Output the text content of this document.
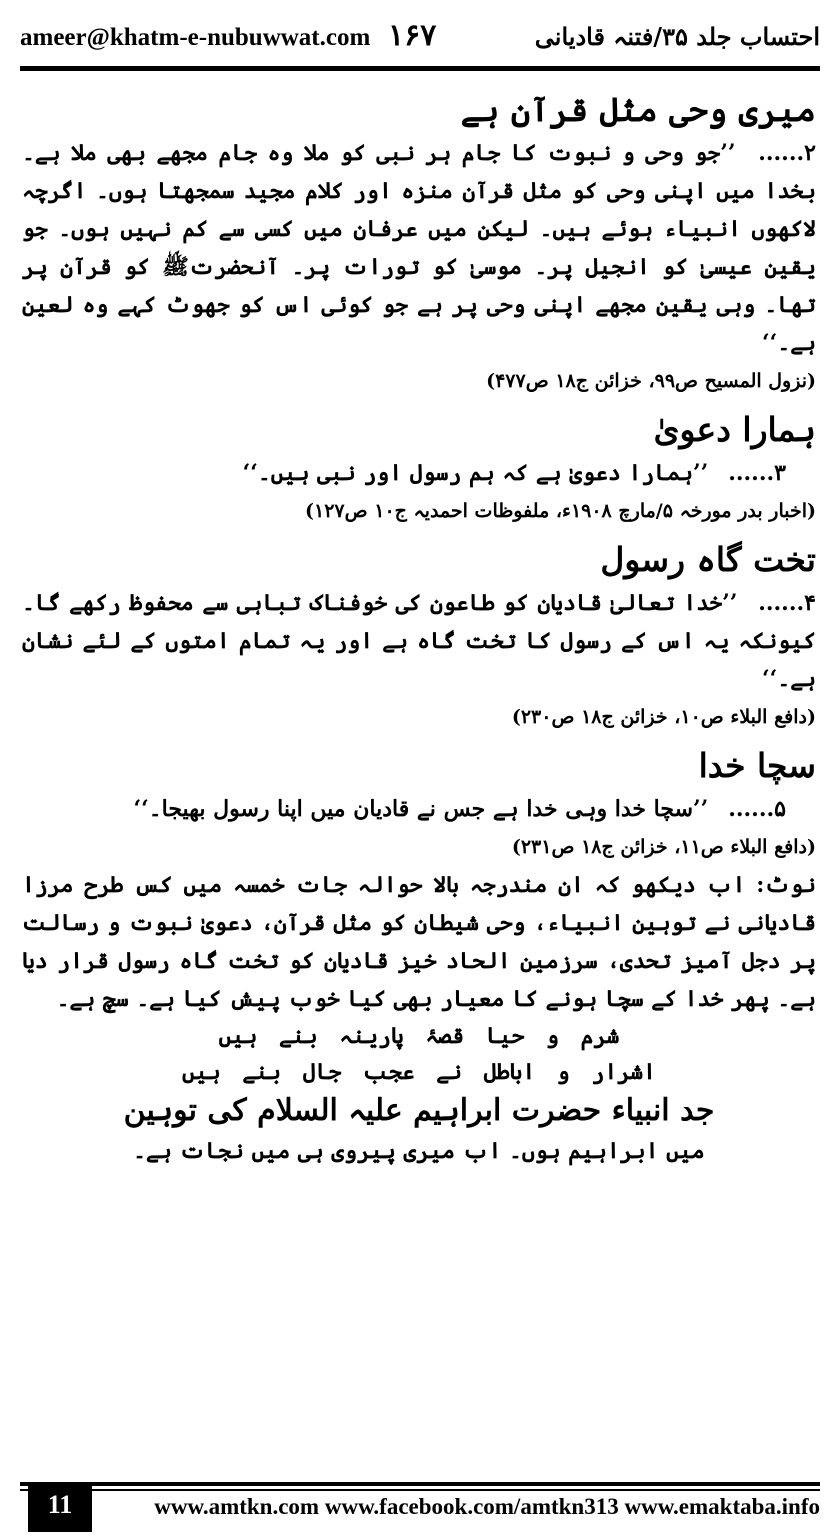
ameer@khatm-e-nubuwwat.com ۱۶۷	احتساب جلد ۳۵/فتنہ قادیانی
میری وحی مثل قرآن ہے

۲...... ’’جو وحی و نبوت کا جام ہر نبی کو ملا وہ جام مجھے بھی ملا ہے۔ بخدا میں اپنی وحی کو مثل قرآن منزہ اور کلام مجید سمجھتا ہوں۔ اگرچہ لاکھوں انبیاء ہوئے ہیں۔ لیکن میں عرفان میں کسی سے کم نہیں ہوں۔ جو یقین عیسیٰ کو انجیل پر۔ موسیٰ کو تورات پر۔ آنحضرتﷺ کو قرآن پر تھا۔ وہی یقین مجھے اپنی وحی پر ہے جو کوئی اس کو جھوٹ کہے وہ لعین ہے۔‘‘

(نزول المسیح ص۹۹، خزائن ج۱۸ ص۴۷۷)
ہمارا دعویٰ

۳...... ’’ہمارا دعویٰ ہے کہ ہم رسول اور نبی ہیں۔‘‘

(اخبار بدر مورخہ ۵/مارچ ۱۹۰۸ء، ملفوظات احمدیہ ج۱۰ ص۱۲۷)
تخت گاہ رسول

۴...... ’’خدا تعالیٰ قادیان کو طاعون کی خوفناک تباہی سے محفوظ رکھے گا۔ کیونکہ یہ اس کے رسول کا تخت گاہ ہے اور یہ تمام امتوں کے لئے نشان ہے۔‘‘

(دافع البلاء ص۱۰، خزائن ج۱۸ ص۲۳۰)
سچا خدا

۵...... ’’سچا خدا وہی خدا ہے جس نے قادیان میں اپنا رسول بھیجا۔‘‘

(دافع البلاء ص۱۱، خزائن ج۱۸ ص۲۳۱)

نوٹ: اب دیکھو کہ ان مندرجہ بالا حوالہ جات خمسہ میں کس طرح مرزا قادیانی نے توہین انبیاء، وحی شیطان کو مثل قرآن، دعویٰ نبوت و رسالت پر دجل آمیز تحدی، سرزمین الحاد خیز قادیان کو تخت گاہ رسول قرار دیا ہے۔ پھر خدا کے سچا ہونے کا معیار بھی کیا خوب پیش کیا ہے۔ سچ ہے۔

شرم و حیا قصۂ پارینہ بنے ہیں

اشرار و اباطل نے عجب جال بنے ہیں

جد انبیاء حضرت ابراہیم علیہ السلام کی توہین

میں ابراہیم ہوں۔ اب میری پیروی ہی میں نجات ہے۔

11	www.amtkn.com www.facebook.com/amtkn313 www.emaktaba.info
